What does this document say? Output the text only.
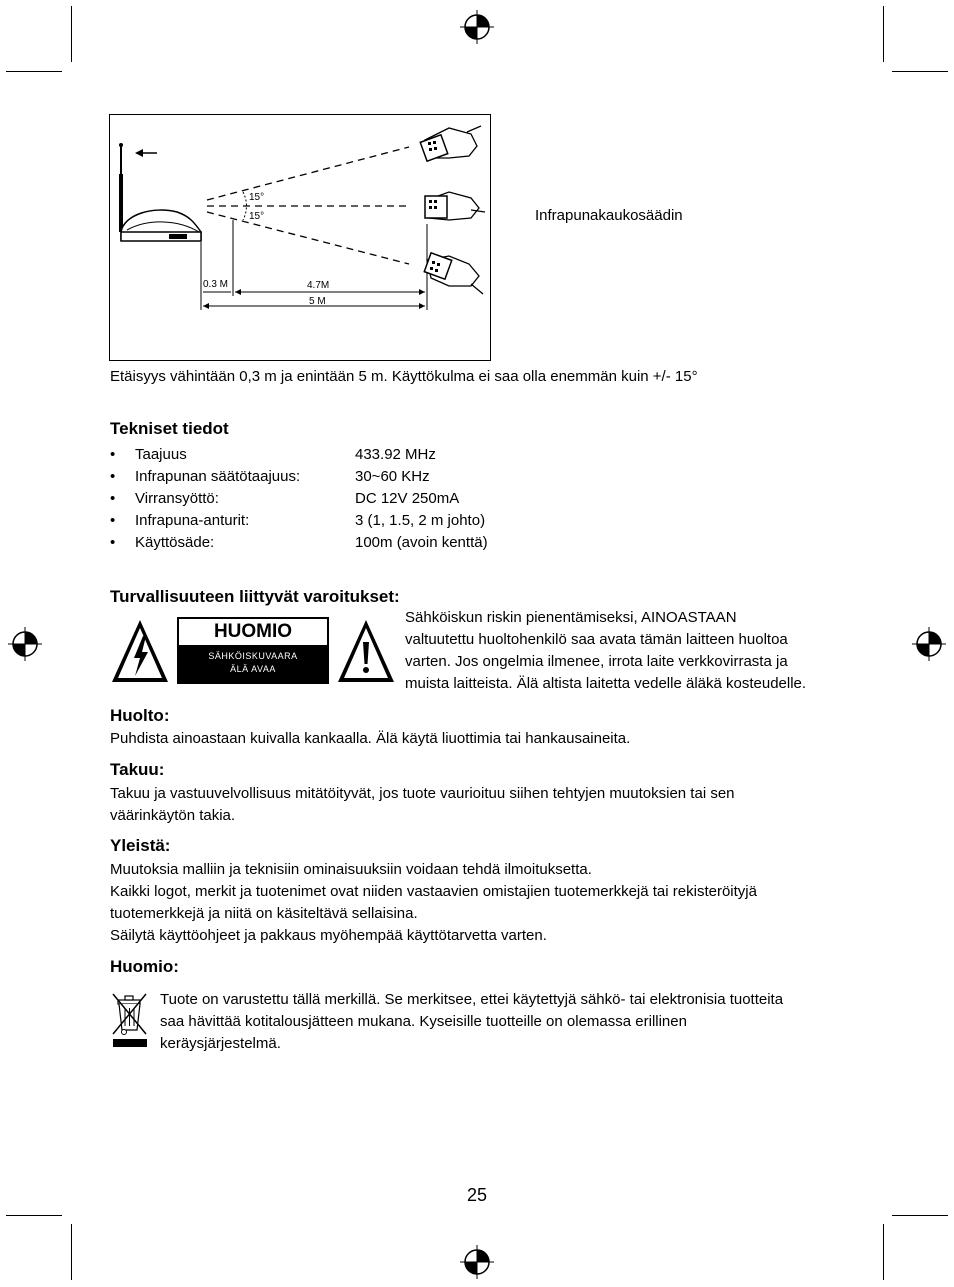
15°
15°
0.3 M	4.7M
5 M
Infrapunakaukosäädin
Etäisyys vähintään 0,3 m ja enintään 5 m. Käyttökulma ei saa olla enemmän kuin +/- 15°
Tekniset tiedot
• Taajuus	433.92 MHz
• Infrapunan säätötaajuus:	30~60 KHz
• Virransyöttö:	DC 12V 250mA
• Infrapuna-anturit:	3 (1, 1.5, 2 m johto)
• Käyttösäde:	100m (avoin kenttä)
Turvallisuuteen liittyvät varoitukset:
HUOMIO
SÄHKÖISKUVAARA
ÄLÄ AVAA
Sähköiskun riskin pienentämiseksi, AINOASTAAN
valtuutettu huoltohenkilö saa avata tämän laitteen huoltoa
varten. Jos ongelmia ilmenee, irrota laite verkkovirrasta ja
muista laitteista. Älä altista laitetta vedelle äläkä kosteudelle.
Huolto:
Puhdista ainoastaan kuivalla kankaalla. Älä käytä liuottimia tai hankausaineita.
Takuu:
Takuu ja vastuuvelvollisuus mitätöityvät, jos tuote vaurioituu siihen tehtyjen muutoksien tai sen
väärinkäytön takia.
Yleistä:
Muutoksia malliin ja teknisiin ominaisuuksiin voidaan tehdä ilmoituksetta.
Kaikki logot, merkit ja tuotenimet ovat niiden vastaavien omistajien tuotemerkkejä tai rekisteröityjä
tuotemerkkejä ja niitä on käsiteltävä sellaisina.
Säilytä käyttöohjeet ja pakkaus myöhempää käyttötarvetta varten.
Huomio:
Tuote on varustettu tällä merkillä. Se merkitsee, ettei käytettyjä sähkö- tai elektronisia tuotteita
saa hävittää kotitalousjätteen mukana. Kyseisille tuotteille on olemassa erillinen
keräysjärjestelmä.
25
